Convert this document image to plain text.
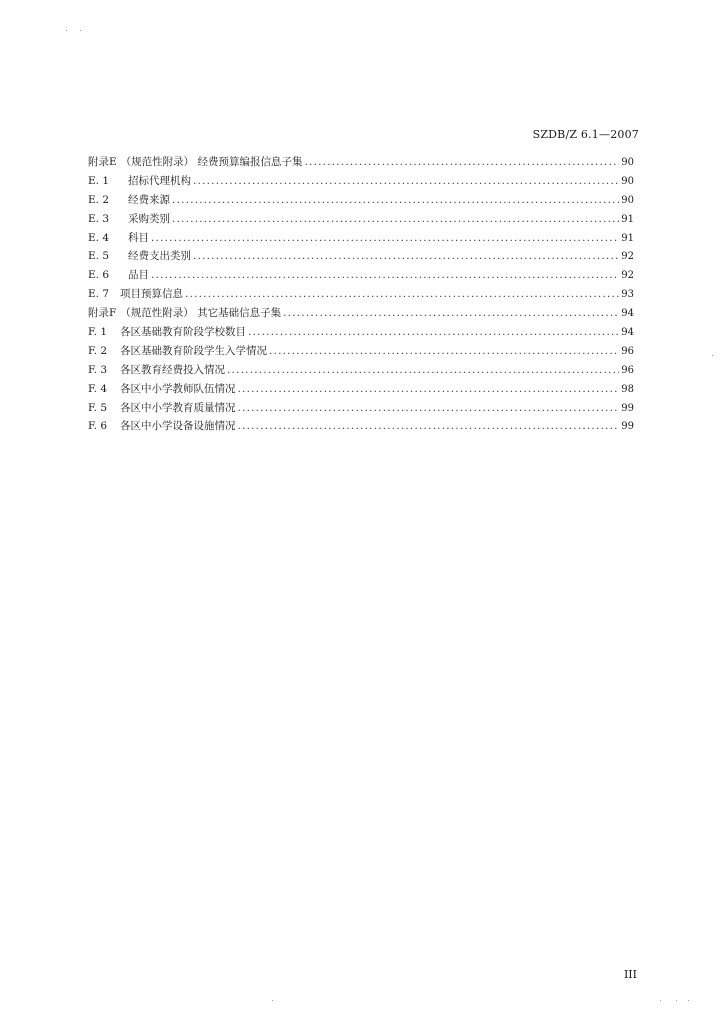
SZDB/Z 6.1—2007
附录E （规范性附录） 经费预算编报信息子集 .....	90
E. 1	招标代理机构 .....	90
E. 2	经费来源 .....	90
E. 3	采购类别 .....	91
E. 4	科目 .....	91
E. 5	经费支出类别 .....	92
E. 6	品目 .....	92
E. 7	项目预算信息 .....	93
附录F （规范性附录） 其它基础信息子集 .....	94
F. 1	各区基础教育阶段学校数目 .....	94
F. 2	各区基础教育阶段学生入学情况 .....	96
F. 3	各区教育经费投入情况 .....	96
F. 4	各区中小学教师队伍情况 .....	98
F. 5	各区中小学教育质量情况 .....	99
F. 6	各区中小学设备设施情况 .....	99
III
